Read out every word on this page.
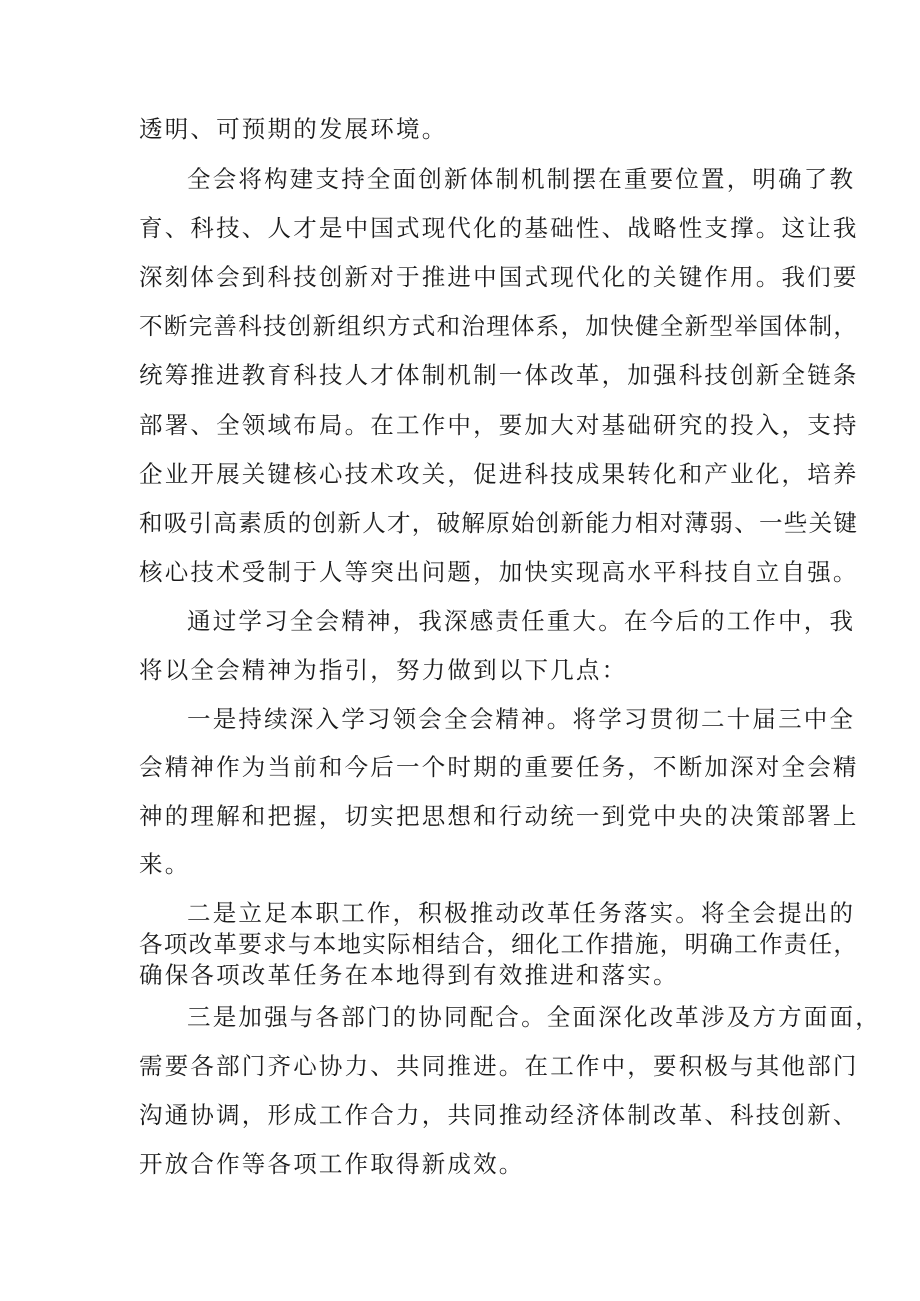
透明、可预期的发展环境。
全会将构建支持全面创新体制机制摆在重要位置，明确了教
育、科技、人才是中国式现代化的基础性、战略性支撑。这让我
深刻体会到科技创新对于推进中国式现代化的关键作用。我们要
不断完善科技创新组织方式和治理体系，加快健全新型举国体制，
统筹推进教育科技人才体制机制一体改革，加强科技创新全链条
部署、全领域布局。在工作中，要加大对基础研究的投入，支持
企业开展关键核心技术攻关，促进科技成果转化和产业化，培养
和吸引高素质的创新人才，破解原始创新能力相对薄弱、一些关键
核心技术受制于人等突出问题，加快实现高水平科技自立自强。
通过学习全会精神，我深感责任重大。在今后的工作中，我
将以全会精神为指引，努力做到以下几点：
一是持续深入学习领会全会精神。将学习贯彻二十届三中全
会精神作为当前和今后一个时期的重要任务，不断加深对全会精
神的理解和把握，切实把思想和行动统一到党中央的决策部署上
来。
二是立足本职工作，积极推动改革任务落实。将全会提出的
各项改革要求与本地实际相结合，细化工作措施，明确工作责任，
确保各项改革任务在本地得到有效推进和落实。
三是加强与各部门的协同配合。全面深化改革涉及方方面面，
需要各部门齐心协力、共同推进。在工作中，要积极与其他部门
沟通协调，形成工作合力，共同推动经济体制改革、科技创新、
开放合作等各项工作取得新成效。
